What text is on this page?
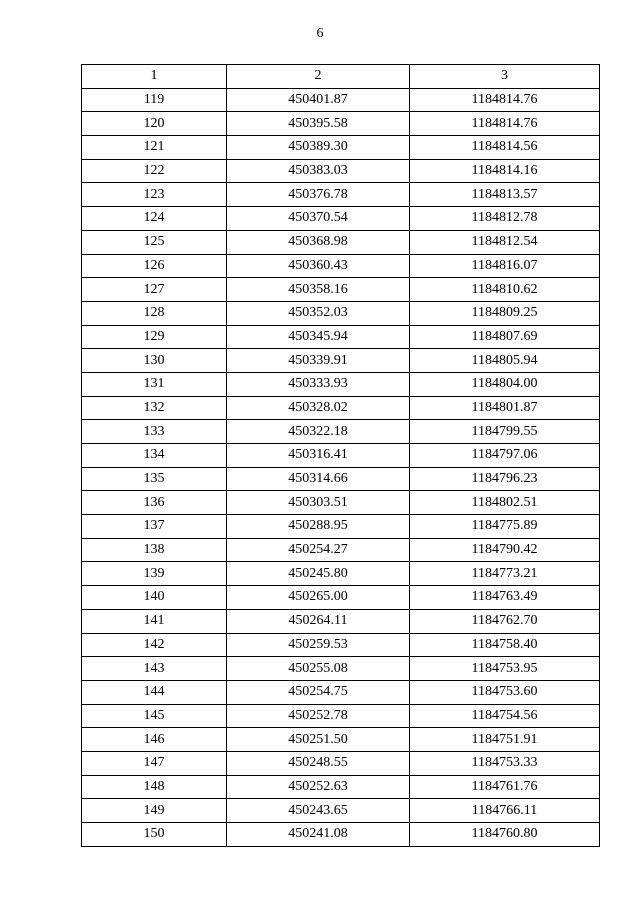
6
1	2	3
119	450401.87	1184814.76
120	450395.58	1184814.76
121	450389.30	1184814.56
122	450383.03	1184814.16
123	450376.78	1184813.57
124	450370.54	1184812.78
125	450368.98	1184812.54
126	450360.43	1184816.07
127	450358.16	1184810.62
128	450352.03	1184809.25
129	450345.94	1184807.69
130	450339.91	1184805.94
131	450333.93	1184804.00
132	450328.02	1184801.87
133	450322.18	1184799.55
134	450316.41	1184797.06
135	450314.66	1184796.23
136	450303.51	1184802.51
137	450288.95	1184775.89
138	450254.27	1184790.42
139	450245.80	1184773.21
140	450265.00	1184763.49
141	450264.11	1184762.70
142	450259.53	1184758.40
143	450255.08	1184753.95
144	450254.75	1184753.60
145	450252.78	1184754.56
146	450251.50	1184751.91
147	450248.55	1184753.33
148	450252.63	1184761.76
149	450243.65	1184766.11
150	450241.08	1184760.80
